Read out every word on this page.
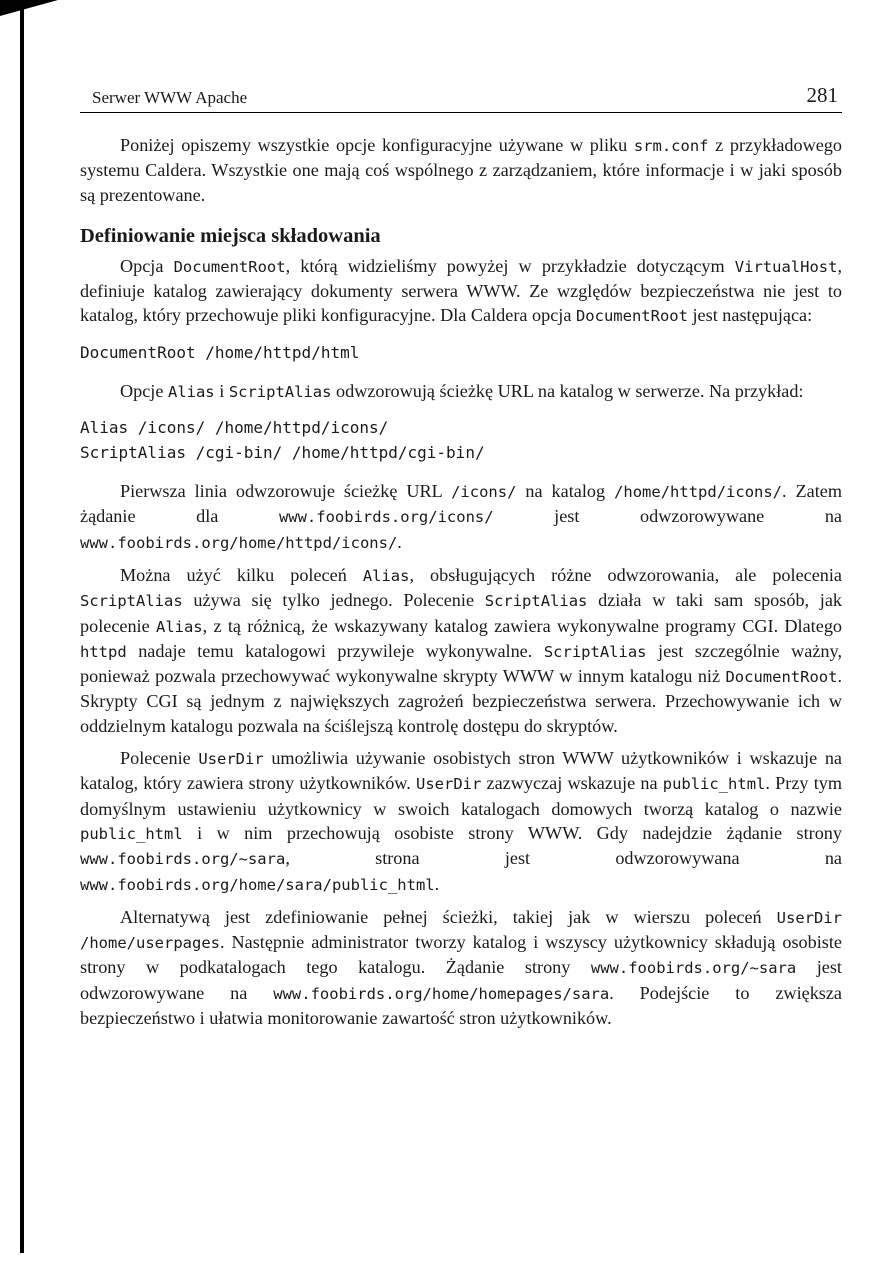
Serwer WWW Apache	281

Poniżej opiszemy wszystkie opcje konfiguracyjne używane w pliku srm.conf z przykładowego systemu Caldera. Wszystkie one mają coś wspólnego z zarządzaniem, które informacje i w jaki sposób są prezentowane.

Definiowanie miejsca składowania

Opcja DocumentRoot, którą widzieliśmy powyżej w przykładzie dotyczącym VirtualHost, definiuje katalog zawierający dokumenty serwera WWW. Ze względów bezpieczeństwa nie jest to katalog, który przechowuje pliki konfiguracyjne. Dla Caldera opcja DocumentRoot jest następująca:

DocumentRoot /home/httpd/html

Opcje Alias i ScriptAlias odwzorowują ścieżkę URL na katalog w serwerze. Na przykład:

Alias /icons/ /home/httpd/icons/
ScriptAlias /cgi-bin/ /home/httpd/cgi-bin/

Pierwsza linia odwzorowuje ścieżkę URL /icons/ na katalog /home/httpd/icons/. Zatem żądanie dla www.foobirds.org/icons/ jest odwzorowywane na www.foobirds.org/home/httpd/icons/.

Można użyć kilku poleceń Alias, obsługujących różne odwzorowania, ale polecenia ScriptAlias używa się tylko jednego. Polecenie ScriptAlias działa w taki sam sposób, jak polecenie Alias, z tą różnicą, że wskazywany katalog zawiera wykonywalne programy CGI. Dlatego httpd nadaje temu katalogowi przywileje wykonywalne. ScriptAlias jest szczególnie ważny, ponieważ pozwala przechowywać wykonywalne skrypty WWW w innym katalogu niż DocumentRoot. Skrypty CGI są jednym z największych zagrożeń bezpieczeństwa serwera. Przechowywanie ich w oddzielnym katalogu pozwala na ściślejszą kontrolę dostępu do skryptów.

Polecenie UserDir umożliwia używanie osobistych stron WWW użytkowników i wskazuje na katalog, który zawiera strony użytkowników. UserDir zazwyczaj wskazuje na public_html. Przy tym domyślnym ustawieniu użytkownicy w swoich katalogach domowych tworzą katalog o nazwie public_html i w nim przechowują osobiste strony WWW. Gdy nadejdzie żądanie strony www.foobirds.org/~sara, strona jest odwzorowywana na www.foobirds.org/home/sara/public_html.

Alternatywą jest zdefiniowanie pełnej ścieżki, takiej jak w wierszu poleceń UserDir /home/userpages. Następnie administrator tworzy katalog i wszyscy użytkownicy składują osobiste strony w podkatalogach tego katalogu. Żądanie strony www.foobirds.org/~sara jest odwzorowywane na www.foobirds.org/home/homepages/sara. Podejście to zwiększa bezpieczeństwo i ułatwia monitorowanie zawartość stron użytkowników.
